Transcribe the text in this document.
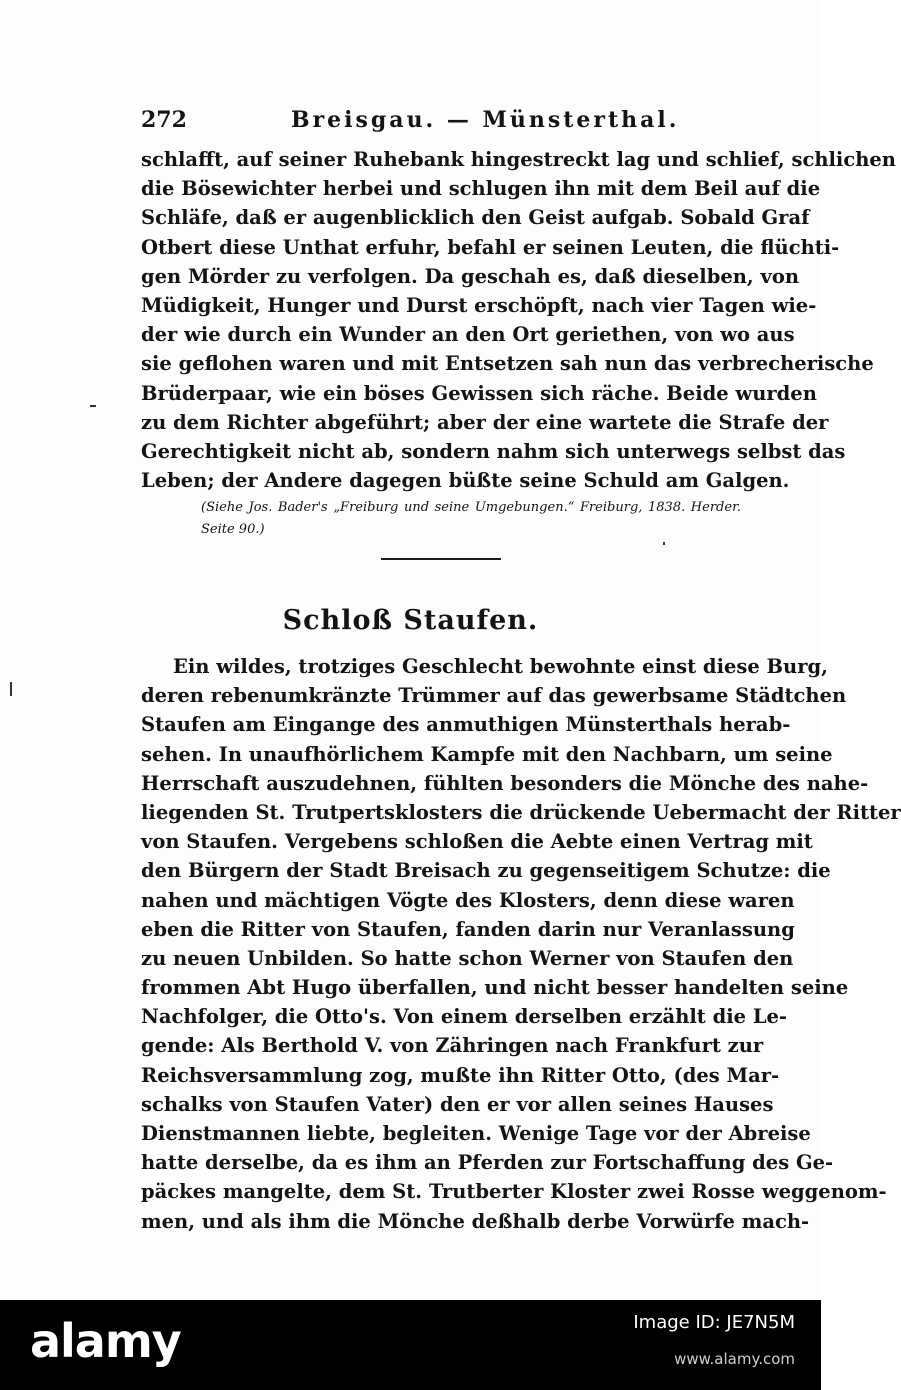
272	Breisgau. — Münsterthal.
schlafft, auf seiner Ruhebank hingestreckt lag und schlief, schlichen
die Bösewichter herbei und schlugen ihn mit dem Beil auf die
Schläfe, daß er augenblicklich den Geist aufgab. Sobald Graf
Otbert diese Unthat erfuhr, befahl er seinen Leuten, die flüchti-
gen Mörder zu verfolgen. Da geschah es, daß dieselben, von
Müdigkeit, Hunger und Durst erschöpft, nach vier Tagen wie-
der wie durch ein Wunder an den Ort geriethen, von wo aus
sie geflohen waren und mit Entsetzen sah nun das verbrecherische
Brüderpaar, wie ein böses Gewissen sich räche. Beide wurden
zu dem Richter abgeführt; aber der eine wartete die Strafe der
Gerechtigkeit nicht ab, sondern nahm sich unterwegs selbst das
Leben; der Andere dagegen büßte seine Schuld am Galgen.
(Siehe Jos. Bader's „Freiburg und seine Umgebungen.“ Freiburg, 1838. Herder.
Seite 90.)
Schloß Staufen.
Ein wildes, trotziges Geschlecht bewohnte einst diese Burg,
deren rebenumkränzte Trümmer auf das gewerbsame Städtchen
Staufen am Eingange des anmuthigen Münsterthals herab-
sehen. In unaufhörlichem Kampfe mit den Nachbarn, um seine
Herrschaft auszudehnen, fühlten besonders die Mönche des nahe-
liegenden St. Trutpertsklosters die drückende Uebermacht der Ritter
von Staufen. Vergebens schloßen die Aebte einen Vertrag mit
den Bürgern der Stadt Breisach zu gegenseitigem Schutze: die
nahen und mächtigen Vögte des Klosters, denn diese waren
eben die Ritter von Staufen, fanden darin nur Veranlassung
zu neuen Unbilden. So hatte schon Werner von Staufen den
frommen Abt Hugo überfallen, und nicht besser handelten seine
Nachfolger, die Otto's. Von einem derselben erzählt die Le-
gende: Als Berthold V. von Zähringen nach Frankfurt zur
Reichsversammlung zog, mußte ihn Ritter Otto, (des Mar-
schalks von Staufen Vater) den er vor allen seines Hauses
Dienstmannen liebte, begleiten. Wenige Tage vor der Abreise
hatte derselbe, da es ihm an Pferden zur Fortschaffung des Ge-
päckes mangelte, dem St. Trutberter Kloster zwei Rosse weggenom-
men, und als ihm die Mönche deßhalb derbe Vorwürfe mach-
alamy	Image ID: JE7N5M
www.alamy.com
